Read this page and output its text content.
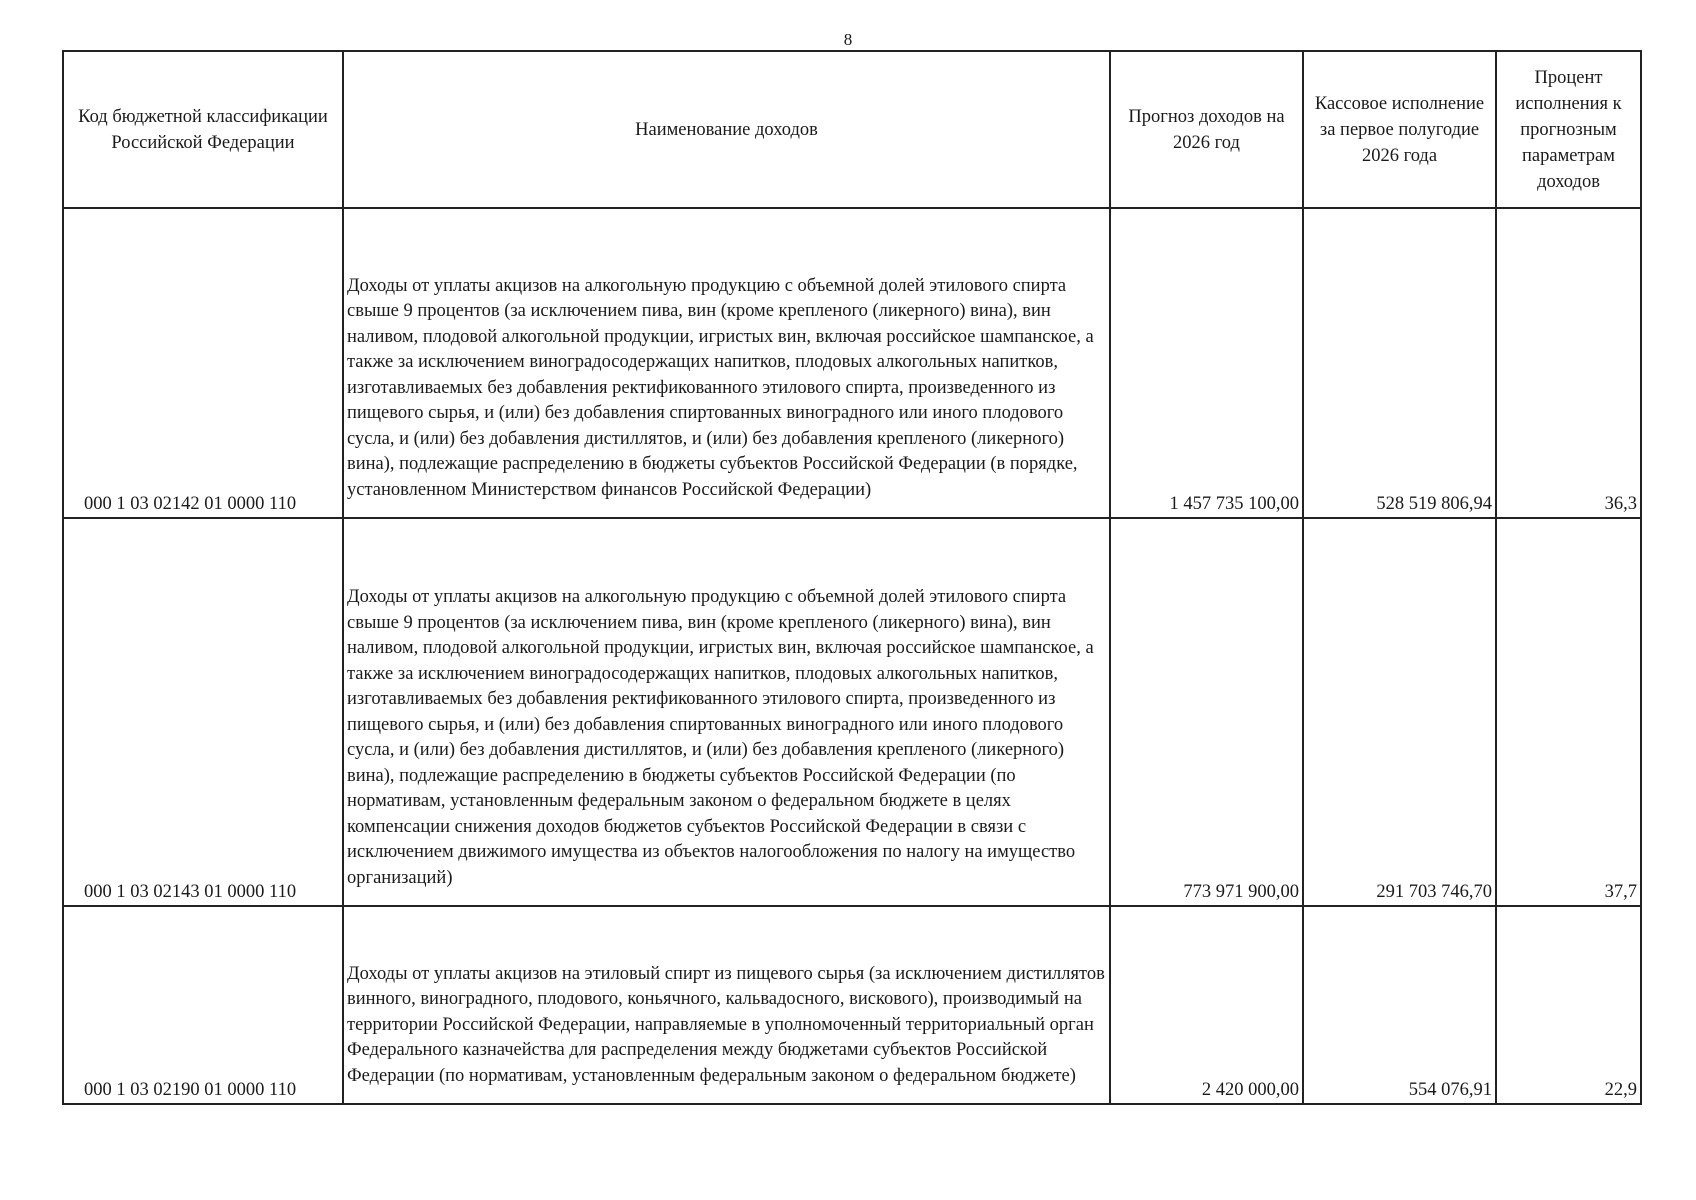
8
Код бюджетной классификации Российской Федерации	Наименование доходов	Прогноз доходов на 2026 год	Кассовое исполнение за первое полугодие 2026 года	Процент исполнения к прогнозным параметрам доходов
000 1 03 02142 01 0000 110	Доходы от уплаты акцизов на алкогольную продукцию с объемной долей этилового спирта свыше 9 процентов (за исключением пива, вин (кроме крепленого (ликерного) вина), вин наливом, плодовой алкогольной продукции, игристых вин, включая российское шампанское, а также за исключением виноградосодержащих напитков, плодовых алкогольных напитков, изготавливаемых без добавления ректификованного этилового спирта, произведенного из пищевого сырья, и (или) без добавления спиртованных виноградного или иного плодового сусла, и (или) без добавления дистиллятов, и (или) без добавления крепленого (ликерного) вина), подлежащие распределению в бюджеты субъектов Российской Федерации (в порядке, установленном Министерством финансов Российской Федерации)	1 457 735 100,00	528 519 806,94	36,3
000 1 03 02143 01 0000 110	Доходы от уплаты акцизов на алкогольную продукцию с объемной долей этилового спирта свыше 9 процентов (за исключением пива, вин (кроме крепленого (ликерного) вина), вин наливом, плодовой алкогольной продукции, игристых вин, включая российское шампанское, а также за исключением виноградосодержащих напитков, плодовых алкогольных напитков, изготавливаемых без добавления ректификованного этилового спирта, произведенного из пищевого сырья, и (или) без добавления спиртованных виноградного или иного плодового сусла, и (или) без добавления дистиллятов, и (или) без добавления крепленого (ликерного) вина), подлежащие распределению в бюджеты субъектов Российской Федерации (по нормативам, установленным федеральным законом о федеральном бюджете в целях компенсации снижения доходов бюджетов субъектов Российской Федерации в связи с исключением движимого имущества из объектов налогообложения по налогу на имущество организаций)	773 971 900,00	291 703 746,70	37,7
000 1 03 02190 01 0000 110	Доходы от уплаты акцизов на этиловый спирт из пищевого сырья (за исключением дистиллятов винного, виноградного, плодового, коньячного, кальвадосного, вискового), производимый на территории Российской Федерации, направляемые в уполномоченный территориальный орган Федерального казначейства для распределения между бюджетами субъектов Российской Федерации (по нормативам, установленным федеральным законом о федеральном бюджете)	2 420 000,00	554 076,91	22,9
